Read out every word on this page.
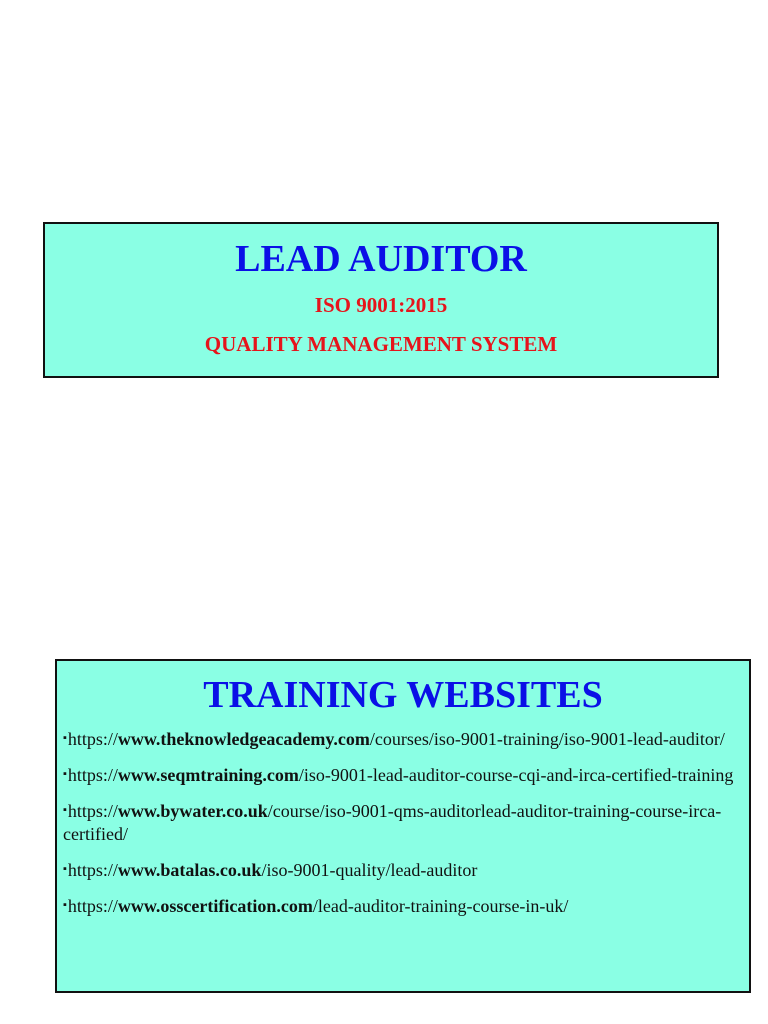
LEAD AUDITOR
ISO 9001:2015
QUALITY MANAGEMENT SYSTEM
TRAINING WEBSITES
▪https://www.theknowledgeacademy.com/courses/iso-9001-training/iso-9001-lead-auditor/
▪https://www.seqmtraining.com/iso-9001-lead-auditor-course-cqi-and-irca-certified-training
▪https://www.bywater.co.uk/course/iso-9001-qms-auditorlead-auditor-training-course-irca-certified/
▪https://www.batalas.co.uk/iso-9001-quality/lead-auditor
▪https://www.osscertification.com/lead-auditor-training-course-in-uk/
